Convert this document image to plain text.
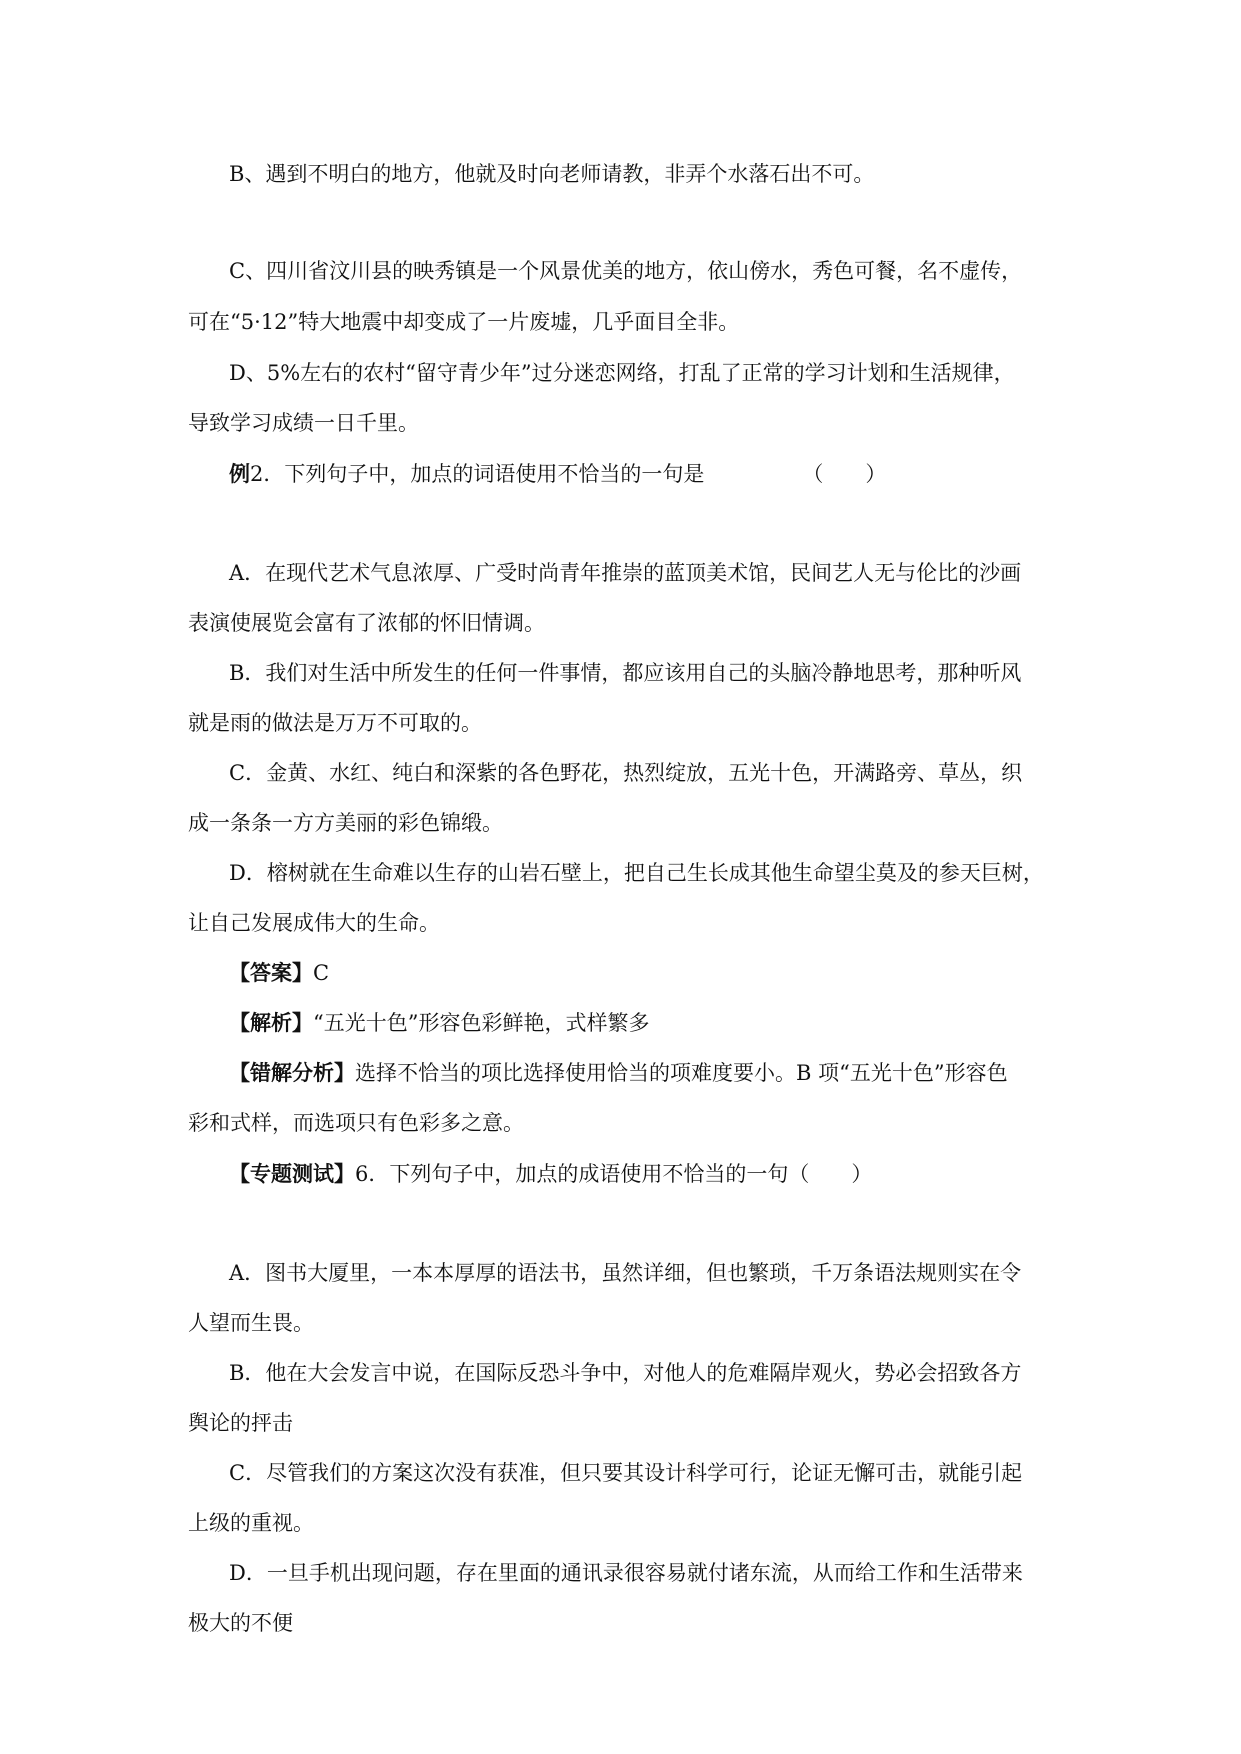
B、遇到不明白的地方，他就及时向老师请教，非弄个水落石出不可。

C、四川省汶川县的映秀镇是一个风景优美的地方，依山傍水，秀色可餐，名不虚传，

可在“5·12”特大地震中却变成了一片废墟，几乎面目全非。

D、5%左右的农村“留守青少年”过分迷恋网络，打乱了正常的学习计划和生活规律，

导致学习成绩一日千里。

例2．下列句子中，加点的词语使用不恰当的一句是	（　　）

A．在现代艺术气息浓厚、广受时尚青年推崇的蓝顶美术馆，民间艺人无与伦比的沙画

表演使展览会富有了浓郁的怀旧情调。

B．我们对生活中所发生的任何一件事情，都应该用自己的头脑冷静地思考，那种听风

就是雨的做法是万万不可取的。

C．金黄、水红、纯白和深紫的各色野花，热烈绽放，五光十色，开满路旁、草丛，织

成一条条一方方美丽的彩色锦缎。

D．榕树就在生命难以生存的山岩石壁上，把自己生长成其他生命望尘莫及的参天巨树，

让自己发展成伟大的生命。

【答案】C

【解析】“五光十色”形容色彩鲜艳，式样繁多

【错解分析】选择不恰当的项比选择使用恰当的项难度要小。B 项“五光十色”形容色

彩和式样，而选项只有色彩多之意。

【专题测试】6．下列句子中，加点的成语使用不恰当的一句（　　）

A．图书大厦里，一本本厚厚的语法书，虽然详细，但也繁琐，千万条语法规则实在令

人望而生畏。

B．他在大会发言中说，在国际反恐斗争中，对他人的危难隔岸观火，势必会招致各方

舆论的抨击

C．尽管我们的方案这次没有获准，但只要其设计科学可行，论证无懈可击，就能引起

上级的重视。

D．一旦手机出现问题，存在里面的通讯录很容易就付诸东流，从而给工作和生活带来

极大的不便
